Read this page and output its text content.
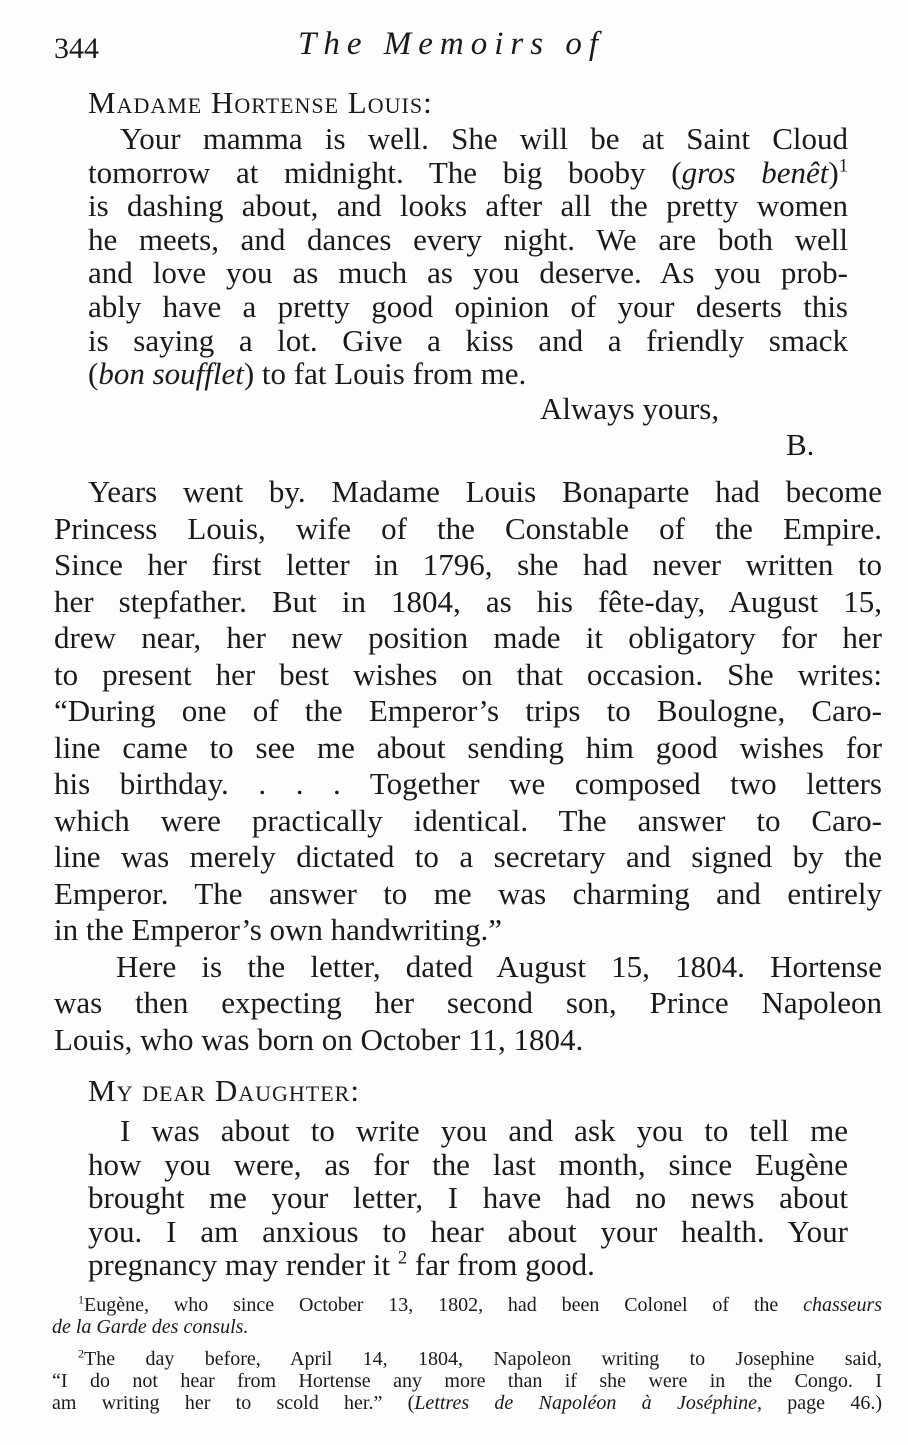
344	The Memoirs of
Madame Hortense Louis:
Your mamma is well. She will be at Saint Cloud
tomorrow at midnight. The big booby (gros benêt)$^1$
is dashing about, and looks after all the pretty women
he meets, and dances every night. We are both well
and love you as much as you deserve. As you prob-
ably have a pretty good opinion of your deserts this
is saying a lot. Give a kiss and a friendly smack
(bon soufflet) to fat Louis from me.
Always yours,
B.
Years went by. Madame Louis Bonaparte had become
Princess Louis, wife of the Constable of the Empire.
Since her first letter in 1796, she had never written to
her stepfather. But in 1804, as his fête-day, August 15,
drew near, her new position made it obligatory for her
to present her best wishes on that occasion. She writes:
“During one of the Emperor’s trips to Boulogne, Caro-
line came to see me about sending him good wishes for
his birthday. . . . Together we composed two letters
which were practically identical. The answer to Caro-
line was merely dictated to a secretary and signed by the
Emperor. The answer to me was charming and entirely
in the Emperor’s own handwriting.”
Here is the letter, dated August 15, 1804. Hortense
was then expecting her second son, Prince Napoleon
Louis, who was born on October 11, 1804.
My dear Daughter:
I was about to write you and ask you to tell me
how you were, as for the last month, since Eugène
brought me your letter, I have had no news about
you. I am anxious to hear about your health. Your
pregnancy may render it $^2$ far from good.
$^1$Eugène, who since October 13, 1802, had been Colonel of the chasseurs
de la Garde des consuls.
$^2$The day before, April 14, 1804, Napoleon writing to Josephine said,
“I do not hear from Hortense any more than if she were in the Congo. I
am writing her to scold her.” (Lettres de Napoléon à Joséphine, page 46.)
